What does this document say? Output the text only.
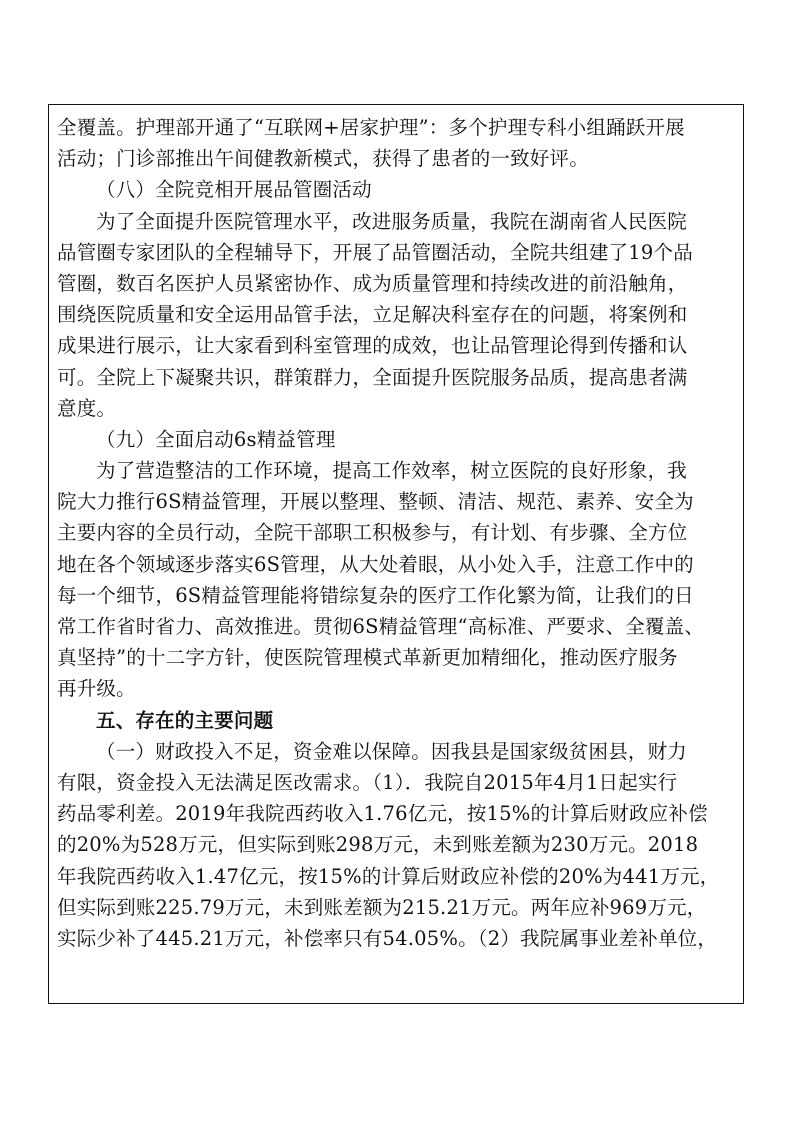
全覆盖。护理部开通了“互联网+居家护理”：多个护理专科小组踊跃开展
活动；门诊部推出午间健教新模式，获得了患者的一致好评。
（八）全院竞相开展品管圈活动
为了全面提升医院管理水平，改进服务质量，我院在湖南省人民医院
品管圈专家团队的全程辅导下，开展了品管圈活动，全院共组建了19个品
管圈，数百名医护人员紧密协作、成为质量管理和持续改进的前沿触角，
围绕医院质量和安全运用品管手法，立足解决科室存在的问题，将案例和
成果进行展示，让大家看到科室管理的成效，也让品管理论得到传播和认
可。全院上下凝聚共识，群策群力，全面提升医院服务品质，提高患者满
意度。
（九）全面启动6s精益管理
为了营造整洁的工作环境，提高工作效率，树立医院的良好形象，我
院大力推行6S精益管理，开展以整理、整顿、清洁、规范、素养、安全为
主要内容的全员行动，全院干部职工积极参与，有计划、有步骤、全方位
地在各个领域逐步落实6S管理，从大处着眼，从小处入手，注意工作中的
每一个细节，6S精益管理能将错综复杂的医疗工作化繁为简，让我们的日
常工作省时省力、高效推进。贯彻6S精益管理“高标准、严要求、全覆盖、
真坚持”的十二字方针，使医院管理模式革新更加精细化，推动医疗服务
再升级。
五、存在的主要问题
（一）财政投入不足，资金难以保障。因我县是国家级贫困县，财力
有限，资金投入无法满足医改需求。（1）．我院自2015年4月1日起实行
药品零利差。2019年我院西药收入1.76亿元，按15%的计算后财政应补偿
的20%为528万元，但实际到账298万元，未到账差额为230万元。2018
年我院西药收入1.47亿元，按15%的计算后财政应补偿的20%为441万元，
但实际到账225.79万元，未到账差额为215.21万元。两年应补969万元，
实际少补了445.21万元，补偿率只有54.05%。（2）我院属事业差补单位，
